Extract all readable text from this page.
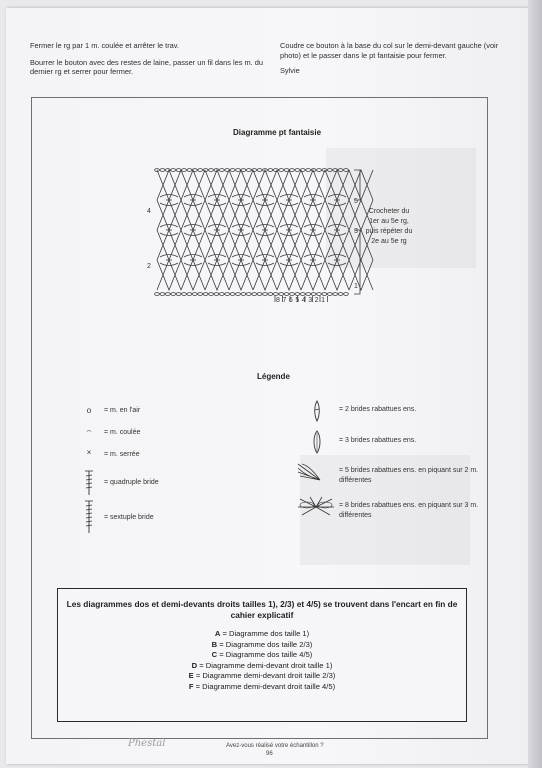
Fermer le rg par 1 m. coulée et arrêter le trav.
Bourrer le bouton avec des restes de laine, passer un fil dans les m. du dernier rg et serrer pour fermer.
Coudre ce bouton à la base du col sur le demi-devant gauche (voir photo) et le passer dans le pt fantaisie pour fermer.
Sylvie
Diagramme pt fantaisie
4
2
5
3
1
8 7 6 5 4 3 2 1
Crocheter du 1er au 5e rg, puis répéter du 2e au 5e rg
Légende
o	= m. en l'air
⌢	= m. coulée
×	= m. serrée
= quadruple bride
= sextuple bride
= 2 brides rabattues ens.
= 3 brides rabattues ens.
= 5 brides rabattues ens. en piquant sur 2 m. différentes
= 8 brides rabattues ens. en piquant sur 3 m. différentes
Les diagrammes dos et demi-devants droits tailles 1), 2/3) et 4/5) se trouvent dans l'encart en fin de cahier explicatif
A = Diagramme dos taille 1)
B = Diagramme dos taille 2/3)
C = Diagramme dos taille 4/5)
D = Diagramme demi-devant droit taille 1)
E = Diagramme demi-devant droit taille 2/3)
F = Diagramme demi-devant droit taille 4/5)
Phestal	Avez-vous réalisé votre échantillon ?
96
